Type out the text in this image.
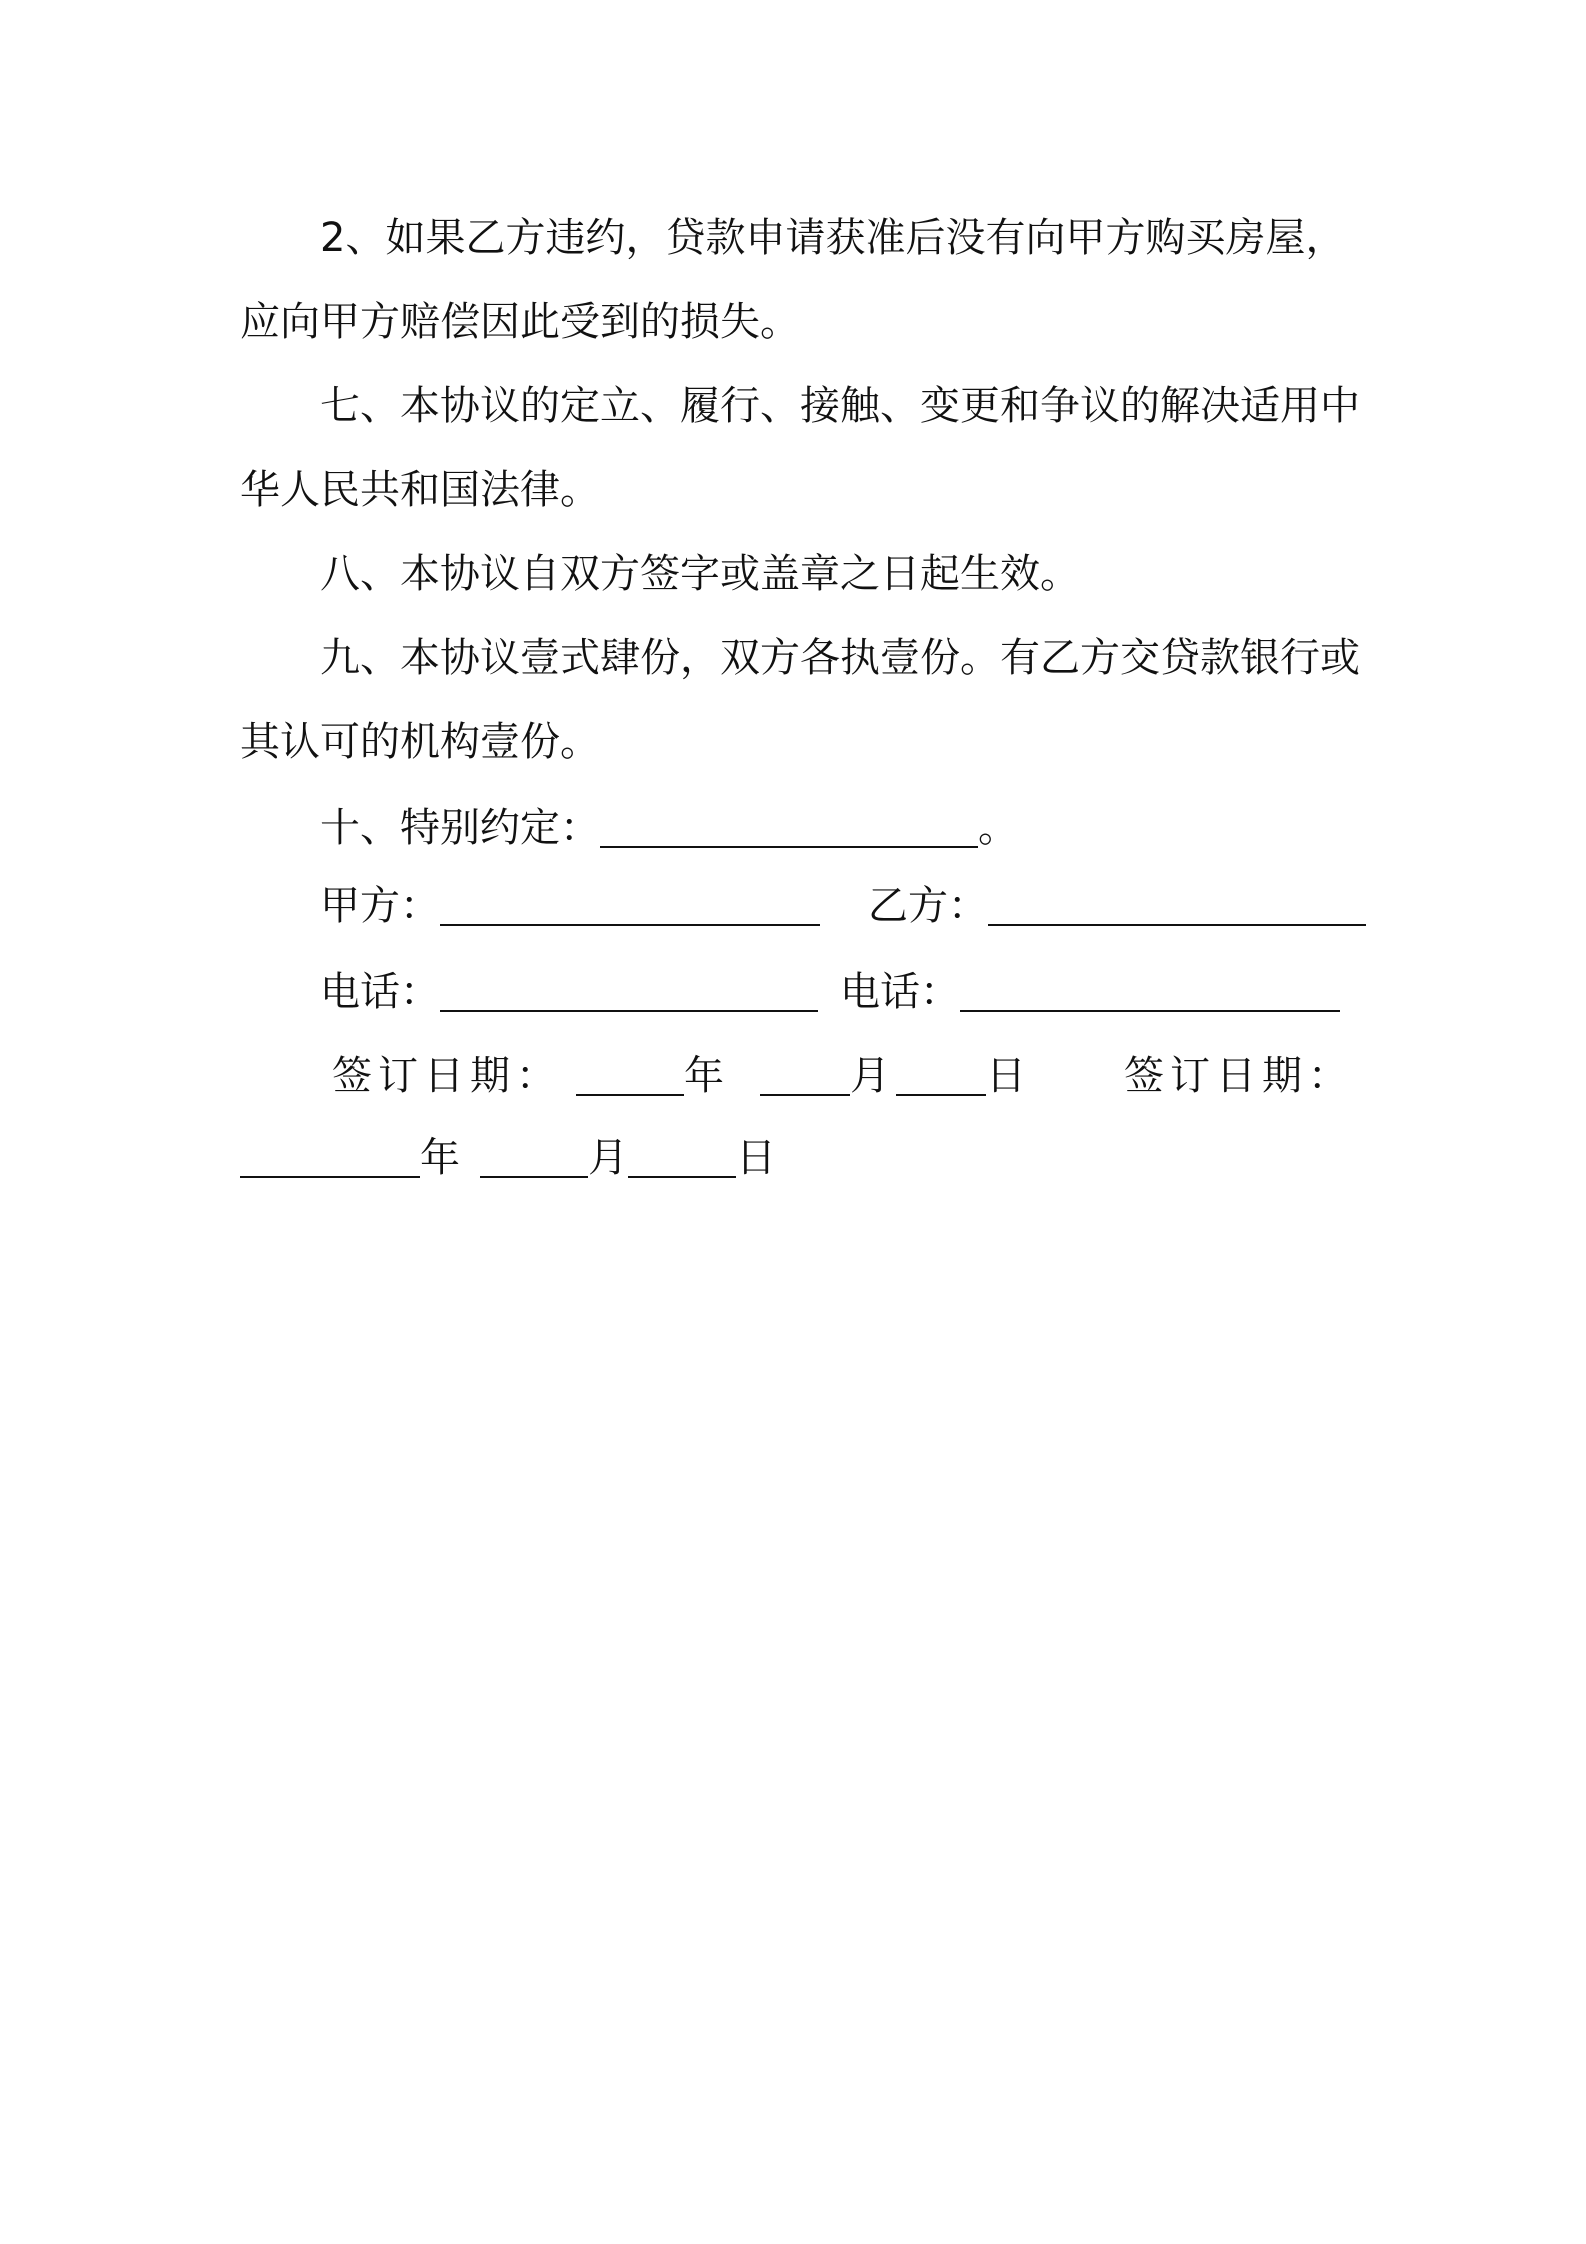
2、如果乙方违约，贷款申请获准后没有向甲方购买房屋，应向甲方赔偿因此受到的损失。

七、本协议的定立、履行、接触、变更和争议的解决适用中华人民共和国法律。

八、本协议自双方签字或盖章之日起生效。

九、本协议壹式肆份，双方各执壹份。有乙方交贷款银行或其认可的机构壹份。

十、特别约定：	。
甲方：	乙方：
电话：	电话：
签订日期：	年	月 日 签订日期：
年	月	日
